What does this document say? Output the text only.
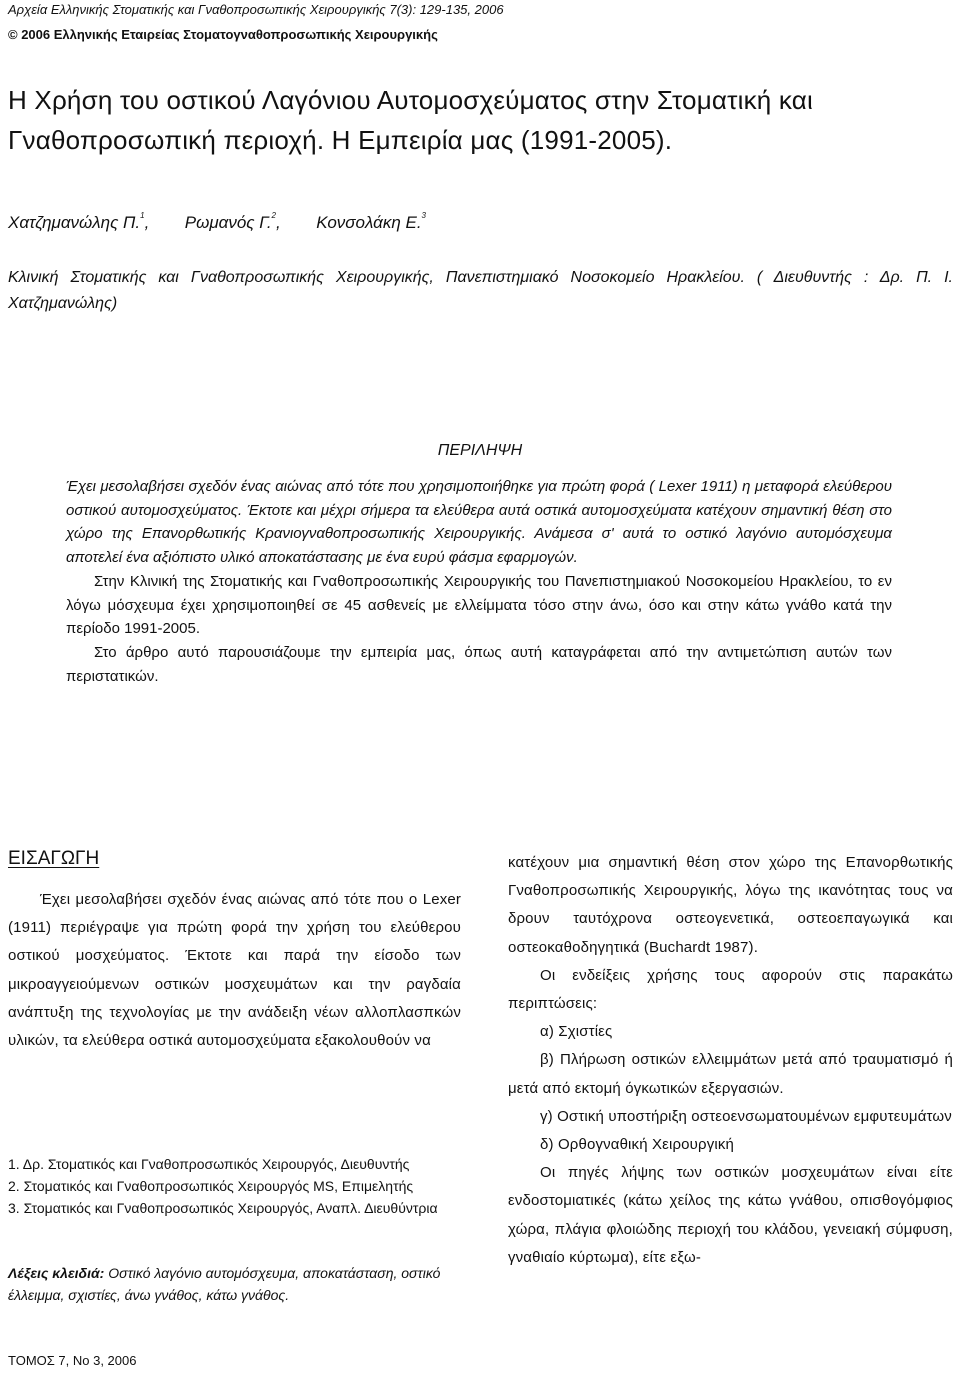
Αρχεία Ελληνικής Στοματικής και Γναθοπροσωπικής Χειρουργικής 7(3): 129-135, 2006
© 2006 Ελληνικής Εταιρείας Στοματογναθοπροσωπικής Χειρουργικής
Η Χρήση του οστικού Λαγόνιου Αυτομοσχεύματος στην Στοματική και Γναθοπροσωπική περιοχή. Η Εμπειρία μας (1991-2005).
Χατζημανώλης Π.$^1$, Ρωμανός Γ.$^2$, Κονσολάκη Ε.$^3$
Κλινική Στοματικής και Γναθοπροσωπικής Χειρουργικής, Πανεπιστημιακό Νοσοκομείο Ηρακλείου. ( Διευθυντής : Δρ. Π. Ι. Χατζημανώλης)
ΠΕΡΙΛΗΨΗ

Έχει μεσολαβήσει σχεδόν ένας αιώνας από τότε που χρησιμοποιήθηκε για πρώτη φορά ( Lexer 1911) η μεταφορά ελεύθερου οστικού αυτομοσχεύματος. Έκτοτε και μέχρι σήμερα τα ελεύθερα αυτά οστικά αυτομοσχεύματα κατέχουν σημαντική θέση στο χώρο της Επανορθωτικής Κρανιογναθοπροσωπικής Χειρουργικής. Ανάμεσα σ' αυτά το οστικό λαγόνιο αυτομόσχευμα αποτελεί ένα αξιόπιστο υλικό αποκατάστασης με ένα ευρύ φάσμα εφαρμογών.

Στην Κλινική της Στοματικής και Γναθοπροσωπικής Χειρουργικής του Πανεπιστημιακού Νοσοκομείου Ηρακλείου, το εν λόγω μόσχευμα έχει χρησιμοποιηθεί σε 45 ασθενείς με ελλείμματα τόσο στην άνω, όσο και στην κάτω γνάθο κατά την περίοδο 1991-2005.

Στο άρθρο αυτό παρουσιάζουμε την εμπειρία μας, όπως αυτή καταγράφεται από την αντιμετώπιση αυτών των περιστατικών.

ΕΙΣΑΓΩΓΗ

Έχει μεσολαβήσει σχεδόν ένας αιώνας από τότε που ο Lexer (1911) περιέγραψε για πρώτη φορά την χρήση του ελεύθερου οστικού μοσχεύματος. Έκτοτε και παρά την είσοδο των μικροαγγειούμενων οστικών μοσχευμάτων και την ραγδαία ανάπτυξη της τεχνολογίας με την ανάδειξη νέων αλλοπλασπκών υλικών, τα ελεύθερα οστικά αυτομοσχεύματα εξακολουθούν να

κατέχουν μια σημαντική θέση στον χώρο της Επανορθωτικής Γναθοπροσωπικής Χειρουργικής, λόγω της ικανότητας τους να δρουν ταυτόχρονα οστεογενετικά, οστεοεπαγωγικά και οστεοκαθοδηγητικά (Buchardt 1987).

Οι ενδείξεις χρήσης τους αφορούν στις παρακάτω περιπτώσεις:

α) Σχιστίες

β) Πλήρωση οστικών ελλειμμάτων μετά από τραυματισμό ή μετά από εκτομή όγκωτικών εξεργασιών.

γ) Οστική υποστήριξη οστεοενσωματουμένων εμφυτευμάτων

δ) Ορθογναθική Χειρουργική

Οι πηγές λήψης των οστικών μοσχευμάτων είναι είτε ενδοστομιατικές (κάτω χείλος της κάτω γνάθου, οπισθογόμφιος χώρα, πλάγια φλοιώδης περιοχή του κλάδου, γενειακή σύμφυση, γναθιαίο κύρτωμα), είτε εξω-

1. Δρ. Στοματικός και Γναθοπροσωπικός Χειρουργός, Διευθυντής

2. Στοματικός και Γναθοπροσωπικός Χειρουργός MS, Επιμελητής

3. Στοματικός και Γναθοπροσωπικός Χειρουργός, Αναπλ. Διευθύντρια

Λέξεις κλειδιά: Οστικό λαγόνιο αυτομόσχευμα, αποκατάσταση, οστικό έλλειμμα, σχιστίες, άνω γνάθος, κάτω γνάθος.
ΤΟΜΟΣ 7, Νο 3, 2006
